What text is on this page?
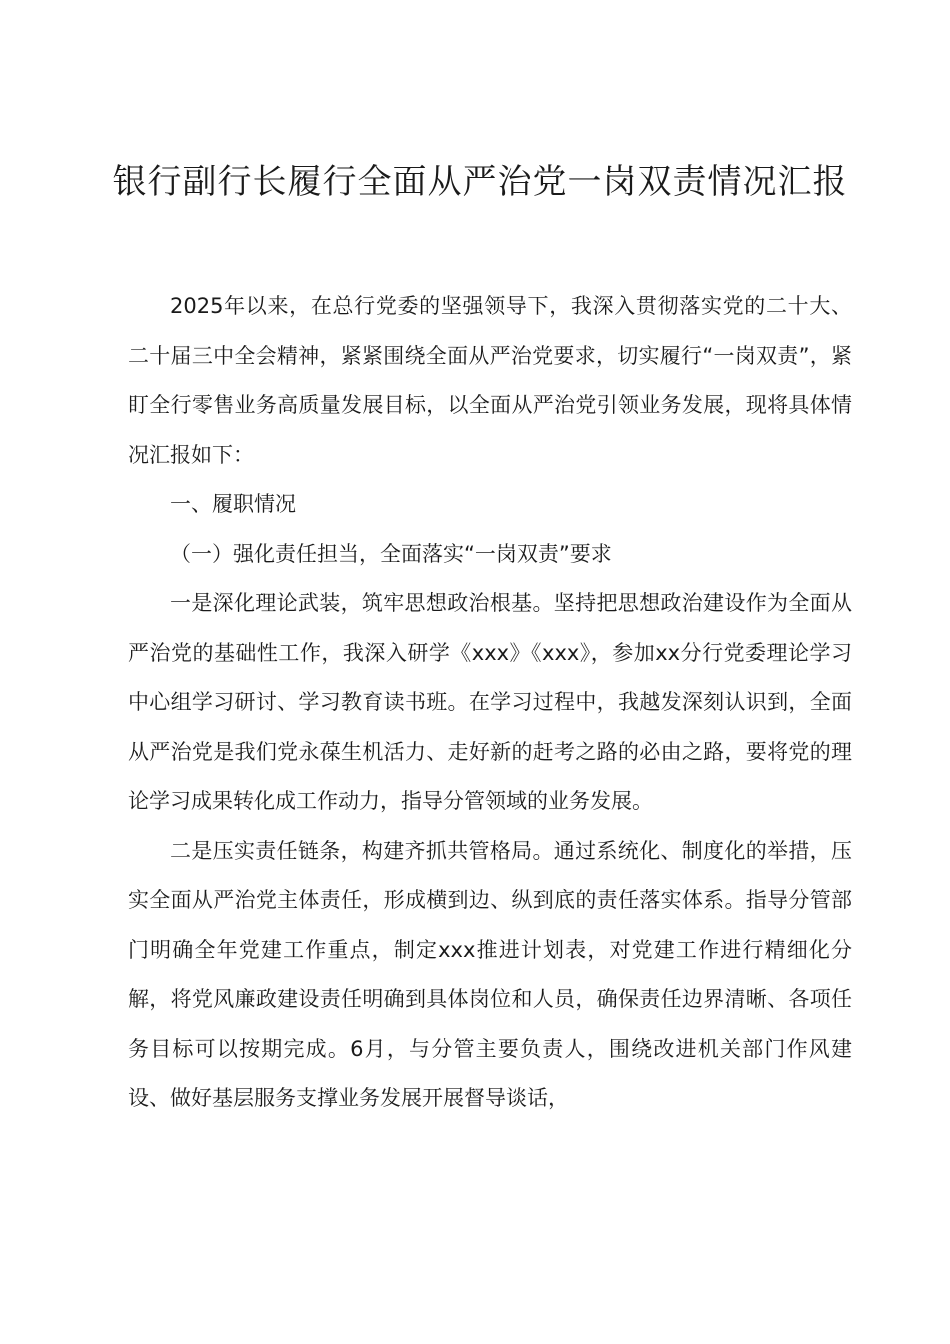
银行副行长履行全面从严治党一岗双责情况汇报

2025年以来，在总行党委的坚强领导下，我深入贯彻落实党的二十大、二十届三中全会精神，紧紧围绕全面从严治党要求，切实履行“一岗双责”，紧盯全行零售业务高质量发展目标，以全面从严治党引领业务发展，现将具体情况汇报如下：

一、履职情况

（一）强化责任担当，全面落实“一岗双责”要求

一是深化理论武装，筑牢思想政治根基。坚持把思想政治建设作为全面从严治党的基础性工作，我深入研学《xxx》《xxx》，参加xx分行党委理论学习中心组学习研讨、学习教育读书班。在学习过程中，我越发深刻认识到，全面从严治党是我们党永葆生机活力、走好新的赶考之路的必由之路，要将党的理论学习成果转化成工作动力，指导分管领域的业务发展。

二是压实责任链条，构建齐抓共管格局。通过系统化、制度化的举措，压实全面从严治党主体责任，形成横到边、纵到底的责任落实体系。指导分管部门明确全年党建工作重点，制定xxx推进计划表，对党建工作进行精细化分解，将党风廉政建设责任明确到具体岗位和人员，确保责任边界清晰、各项任务目标可以按期完成。6月，与分管主要负责人，围绕改进机关部门作风建设、做好基层服务支撑业务发展开展督导谈话，
